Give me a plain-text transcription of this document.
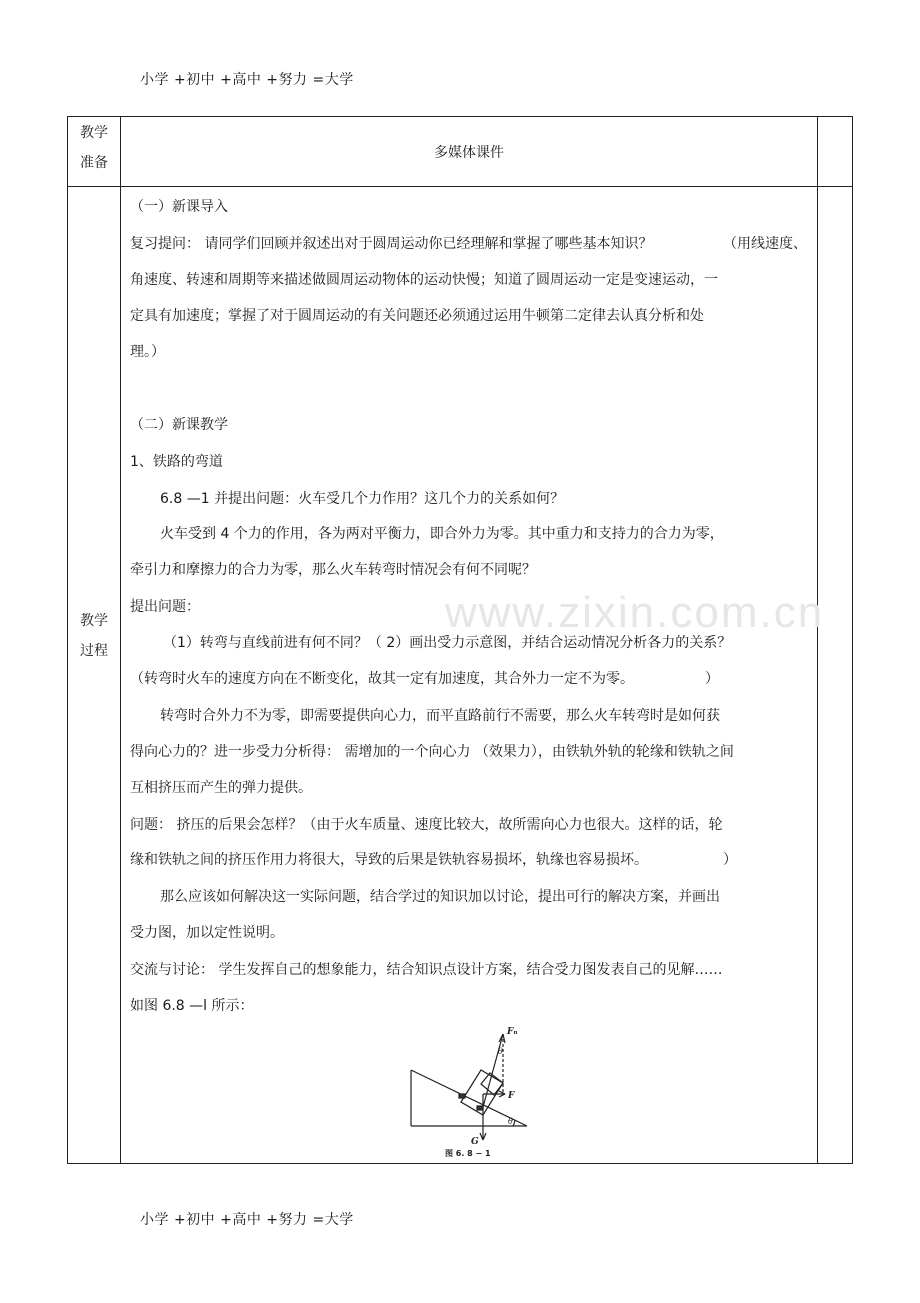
小学 +初中 +高中 +努力 =大学
教学
准备
多媒体课件
教学
过程
www.zixin.com.cn
（一）新课导入
复习提问： 请同学们回顾并叙述出对于圆周运动你已经理解和掌握了哪些基本知识？	（用线速度、
角速度、转速和周期等来描述做圆周运动物体的运动快慢；知道了圆周运动一定是变速运动，一
定具有加速度；掌握了对于圆周运动的有关问题还必须通过运用牛顿第二定律去认真分析和处
理。）
（二）新课教学
1、铁路的弯道
6.8 —1 并提出问题：火车受几个力作用？这几个力的关系如何？
火车受到 4 个力的作用，各为两对平衡力，即合外力为零。其中重力和支持力的合力为零，
牵引力和摩擦力的合力为零，那么火车转弯时情况会有何不同呢？
提出问题：
（1）转弯与直线前进有何不同？（ 2）画出受力示意图，并结合运动情况分析各力的关系？
（转弯时火车的速度方向在不断变化，故其一定有加速度，其合外力一定不为零。	）
转弯时合外力不为零，即需要提供向心力，而平直路前行不需要，那么火车转弯时是如何获
得向心力的？进一步受力分析得： 需增加的一个向心力 （效果力），由铁轨外轨的轮缘和铁轨之间
互相挤压而产生的弹力提供。
问题： 挤压的后果会怎样？（由于火车质量、速度比较大，故所需向心力也很大。这样的话，轮
缘和铁轨之间的挤压作用力将很大，导致的后果是铁轨容易损坏，轨缘也容易损坏。	）
那么应该如何解决这一实际问题，结合学过的知识加以讨论，提出可行的解决方案，并画出
受力图，加以定性说明。
交流与讨论： 学生发挥自己的想象能力，结合知识点设计方案，结合受力图发表自己的见解……
如图 6.8 —l 所示：
Fₙ
θ
F
G
θ
图 6. 8 − 1
小学 +初中 +高中 +努力 =大学
